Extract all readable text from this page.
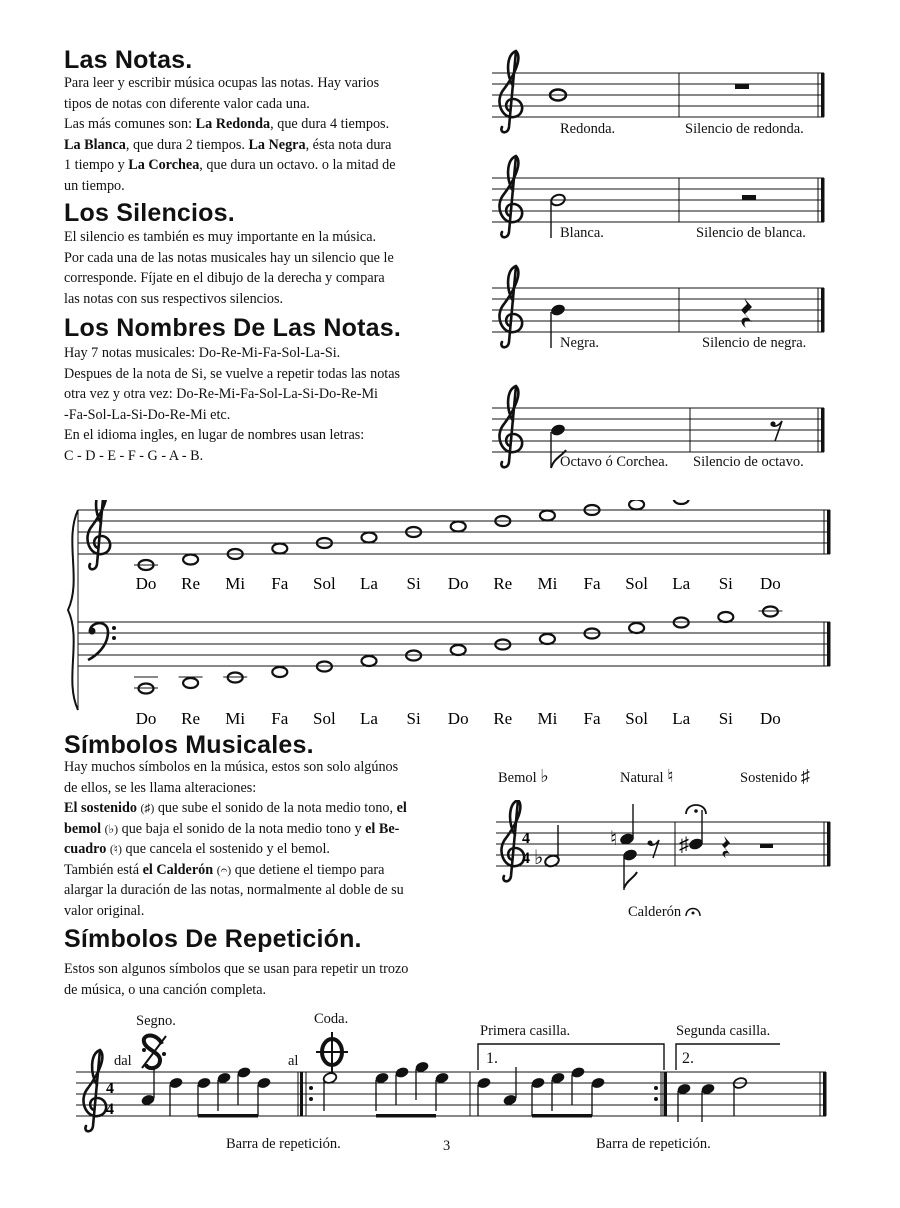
Las Notas.
Para leer y escribir música ocupas las notas. Hay varios
tipos de notas con diferente valor cada una.
Las más comunes son: La Redonda, que dura 4 tiempos.
La Blanca, que dura 2 tiempos. La Negra, ésta nota dura
1 tiempo y La Corchea, que dura un octavo. o la mitad de
un tiempo.
Los Silencios.
El silencio es también es muy importante en la música.
Por cada una de las notas musicales hay un silencio que le
corresponde. Fíjate en el dibujo de la derecha y compara
las notas con sus respectivos silencios.
Los Nombres De Las Notas.
Hay 7 notas musicales: Do-Re-Mi-Fa-Sol-La-Si.
Despues de la nota de Si, se vuelve a repetir todas las notas
otra vez y otra vez: Do-Re-Mi-Fa-Sol-La-Si-Do-Re-Mi
-Fa-Sol-La-Si-Do-Re-Mi etc.
En el idioma ingles, en lugar de nombres usan letras:
C - D - E - F - G - A - B.
Redonda.	Silencio de redonda.
Blanca.	Silencio de blanca.
Negra.	Silencio de negra.
Octavo ó Corchea. Silencio de octavo.
Do Re Mi Fa Sol La Si Do Re Mi Fa Sol La Si Do
Do Re Mi Fa Sol La Si Do Re Mi Fa Sol La Si Do
Símbolos Musicales.
Hay muchos símbolos en la música, estos son solo algúnos
de ellos, se les llama alteraciones:
El sostenido (♯) que sube el sonido de la nota medio tono, el
bemol (♭) que baja el sonido de la nota medio tono y el Be-
cuadro (♮) que cancela el sostenido y el bemol.
También está el Calderón (𝄐) que detiene el tiempo para
alargar la duración de las notas, normalmente al doble de su
valor original.
Bemol ♭	Natural ♮	Sostenido ♯
4
4 ♭
♮	♯
Calderón
Símbolos De Repetición.
Estos son algunos símbolos que se usan para repetir un trozo
de música, o una canción completa.
Segno.
dal
Coda.
al
Primera casilla.	Segunda casilla.
1.	2.
Barra de repetición.	Barra de repetición.
3
4
4
